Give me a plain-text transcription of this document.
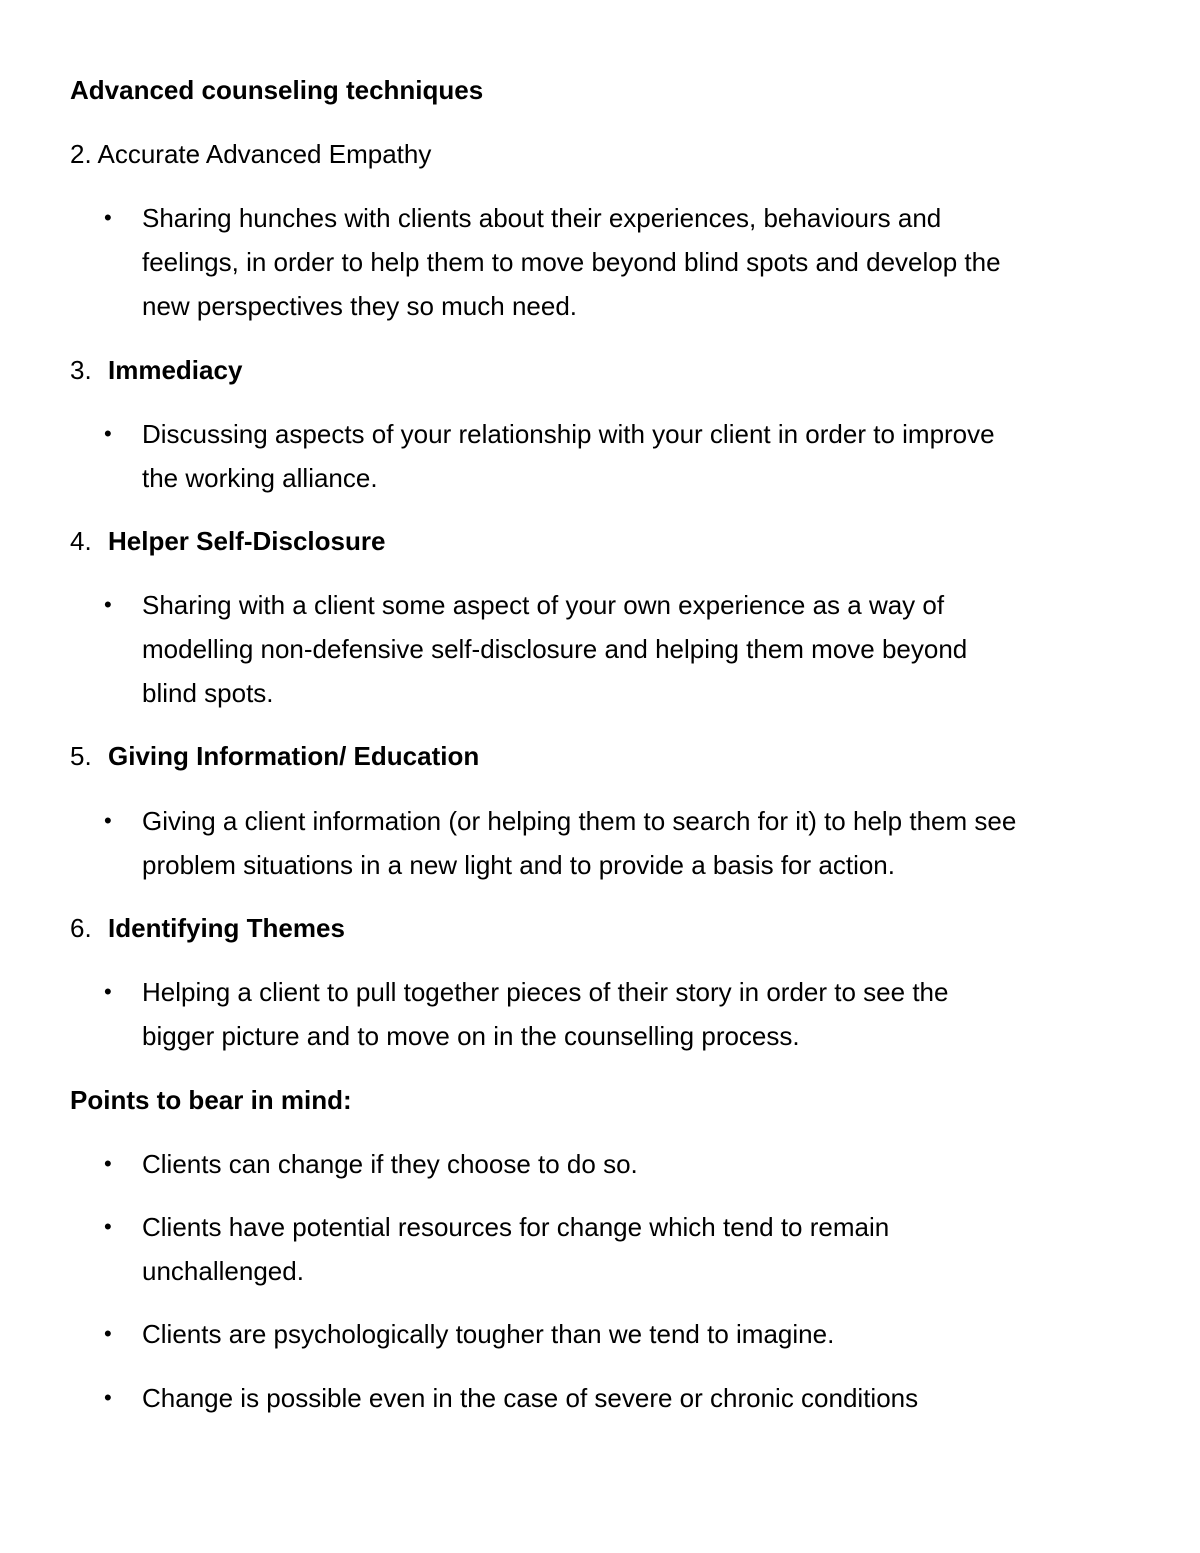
Advanced counseling techniques
2. Accurate Advanced Empathy
•	Sharing hunches with clients about their experiences, behaviours and
feelings, in order to help them to move beyond blind spots and develop the
new perspectives they so much need.
3. Immediacy
•	Discussing aspects of your relationship with your client in order to improve
the working alliance.
4. Helper Self-Disclosure
•	Sharing with a client some aspect of your own experience as a way of
modelling non-defensive self-disclosure and helping them move beyond
blind spots.
5. Giving Information/ Education
•	Giving a client information (or helping them to search for it) to help them see
problem situations in a new light and to provide a basis for action.
6. Identifying Themes
•	Helping a client to pull together pieces of their story in order to see the
bigger picture and to move on in the counselling process.
Points to bear in mind:
•	Clients can change if they choose to do so.
•	Clients have potential resources for change which tend to remain
unchallenged.
•	Clients are psychologically tougher than we tend to imagine.
•	Change is possible even in the case of severe or chronic conditions
